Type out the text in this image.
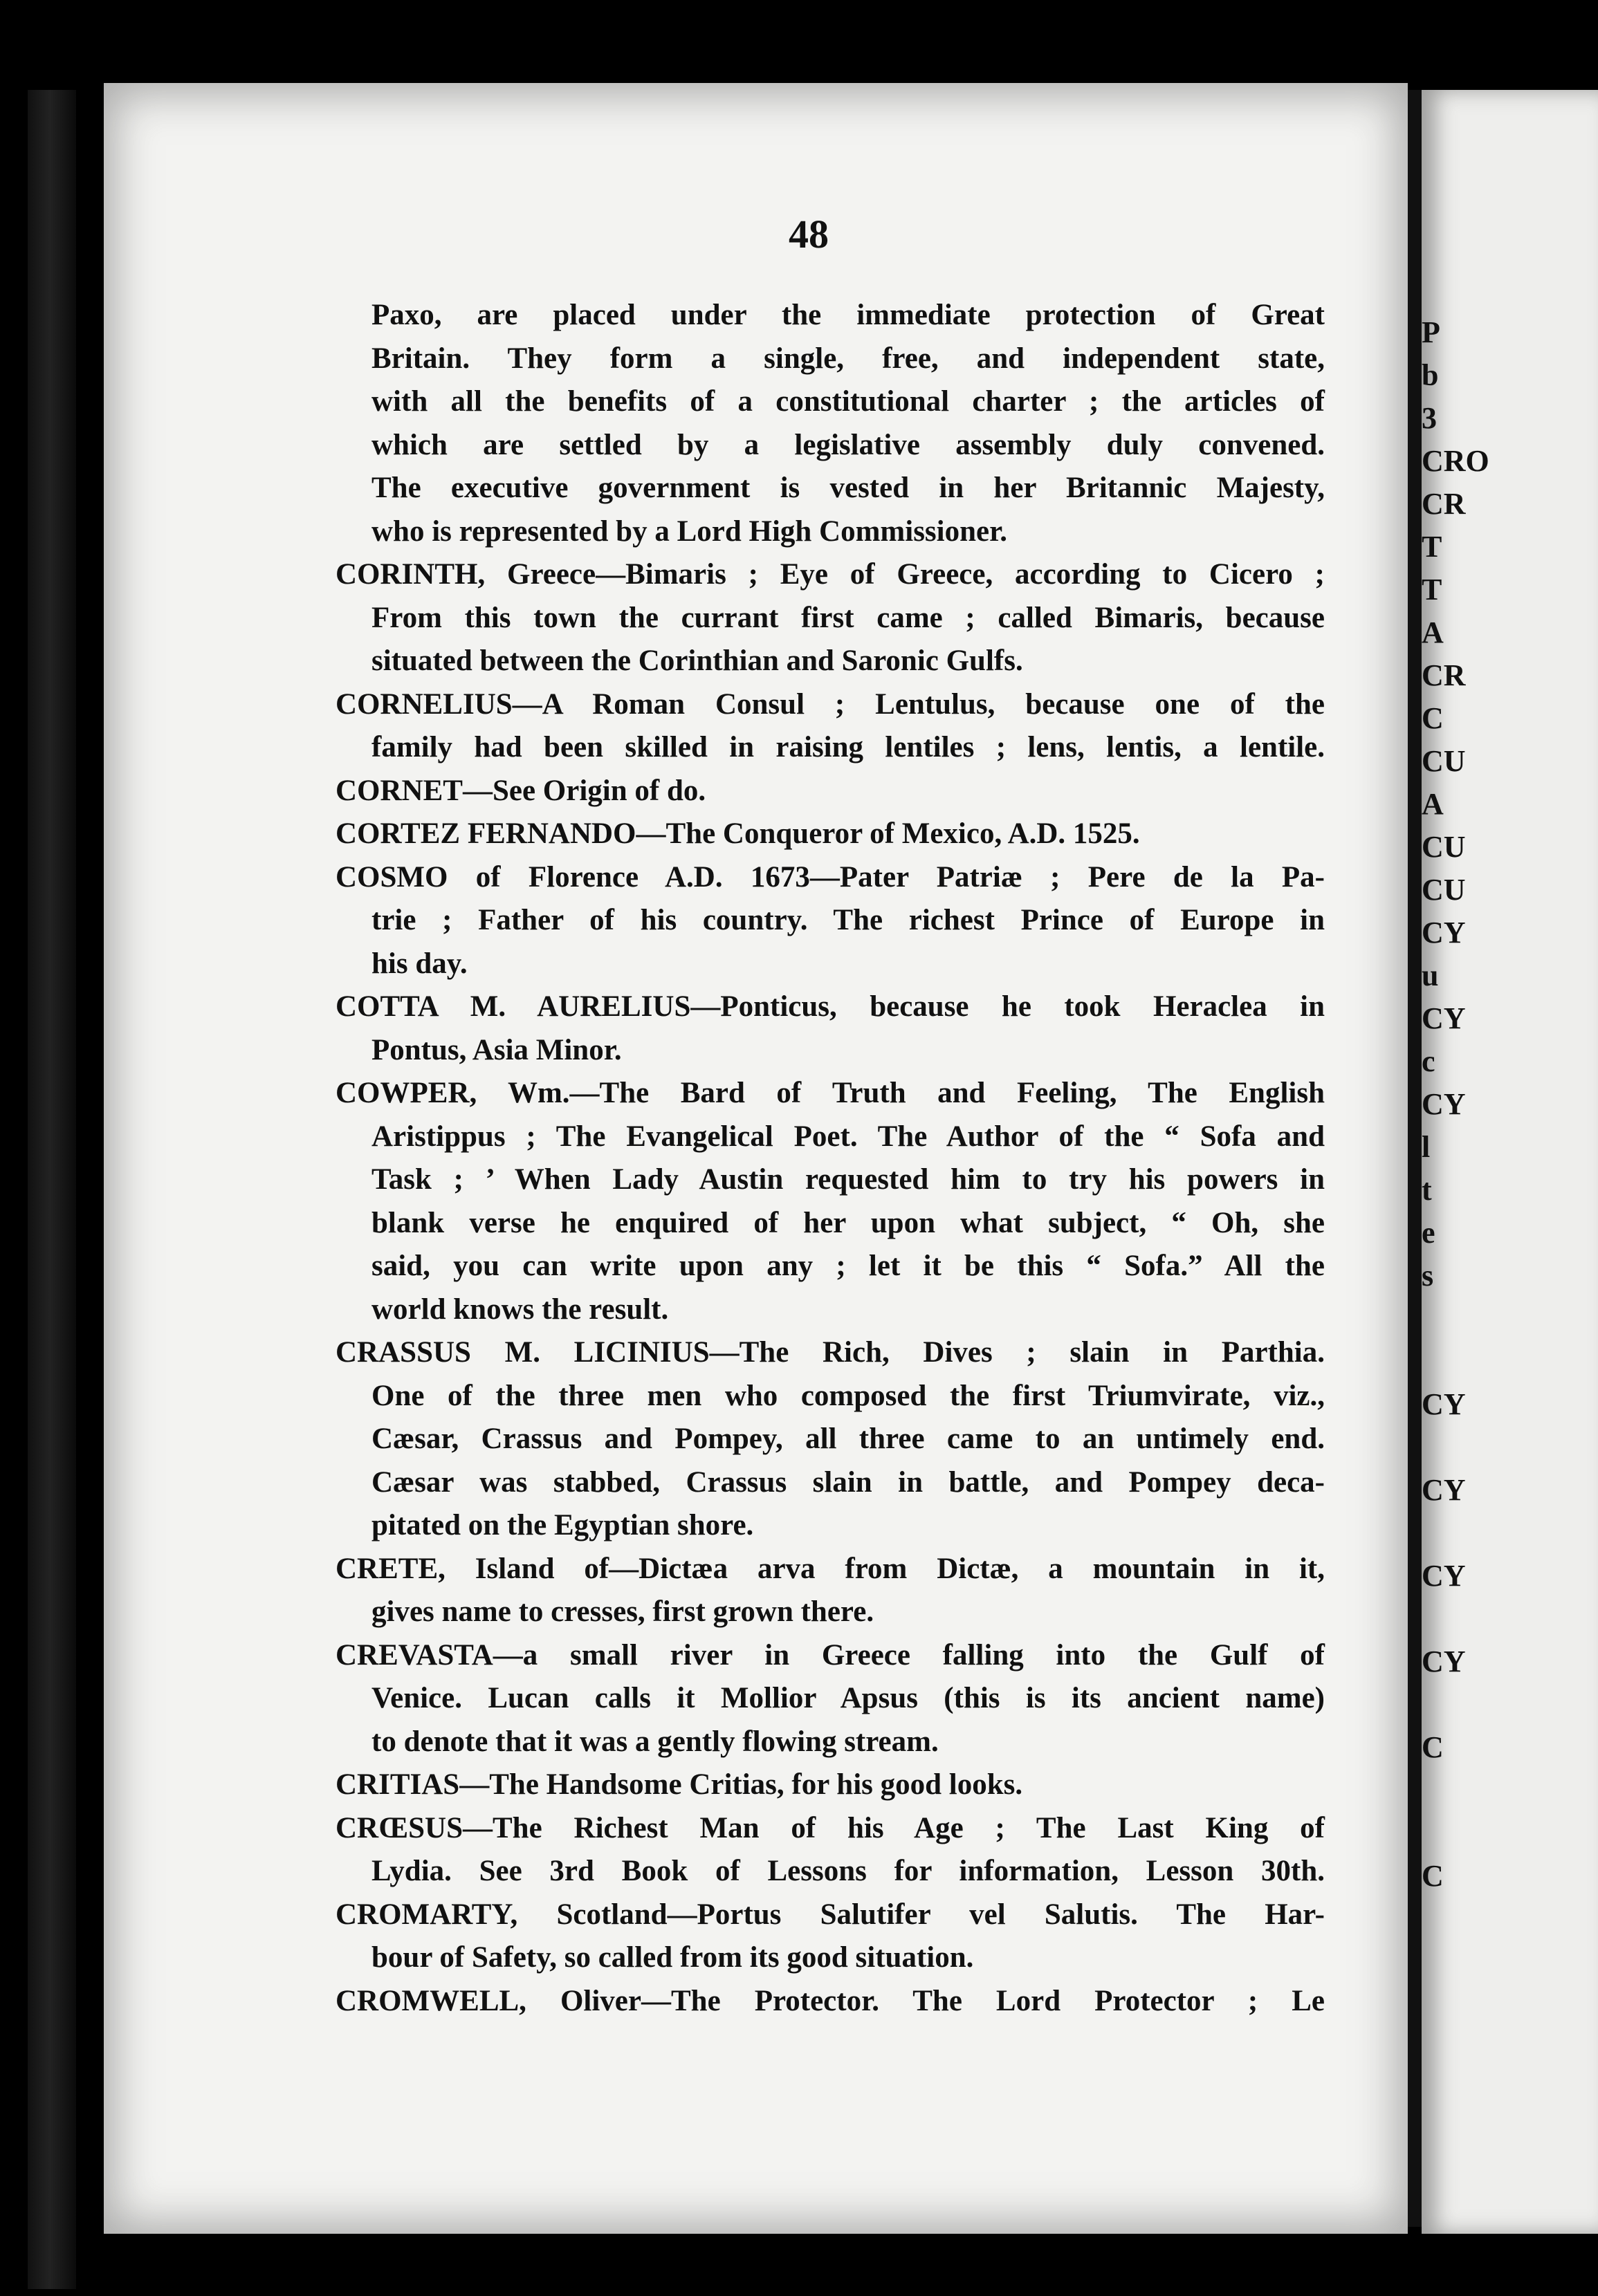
P
b
3
CRO
CR
T
T
A
CR
C
CU
A
CU
CU
CY
u
CY
c
CY
l
t
e
s

CY

CY

CY

CY

C

C
48
Paxo, are placed under the immediate protection of Great
Britain. They form a single, free, and independent state,
with all the benefits of a constitutional charter ; the articles of
which are settled by a legislative assembly duly convened.
The executive government is vested in her Britannic Majesty,
who is represented by a Lord High Commissioner.
CORINTH, Greece—Bimaris ; Eye of Greece, according to Cicero ;
From this town the currant first came ; called Bimaris, because
situated between the Corinthian and Saronic Gulfs.
CORNELIUS—A Roman Consul ; Lentulus, because one of the
family had been skilled in raising lentiles ; lens, lentis, a lentile.
CORNET—See Origin of do.
CORTEZ FERNANDO—The Conqueror of Mexico, A.D. 1525.
COSMO of Florence A.D. 1673—Pater Patriæ ; Pere de la Pa-
trie ; Father of his country. The richest Prince of Europe in
his day.
COTTA M. AURELIUS—Ponticus, because he took Heraclea in
Pontus, Asia Minor.
COWPER, Wm.—The Bard of Truth and Feeling, The English
Aristippus ; The Evangelical Poet. The Author of the “ Sofa and
Task ; ’ When Lady Austin requested him to try his powers in
blank verse he enquired of her upon what subject, “ Oh, she
said, you can write upon any ; let it be this “ Sofa.” All the
world knows the result.
CRASSUS M. LICINIUS—The Rich, Dives ; slain in Parthia.
One of the three men who composed the first Triumvirate, viz.,
Cæsar, Crassus and Pompey, all three came to an untimely end.
Cæsar was stabbed, Crassus slain in battle, and Pompey deca-
pitated on the Egyptian shore.
CRETE, Island of—Dictæa arva from Dictæ, a mountain in it,
gives name to cresses, first grown there.
CREVASTA—a small river in Greece falling into the Gulf of
Venice. Lucan calls it Mollior Apsus (this is its ancient name)
to denote that it was a gently flowing stream.
CRITIAS—The Handsome Critias, for his good looks.
CRŒSUS—The Richest Man of his Age ; The Last King of
Lydia. See 3rd Book of Lessons for information, Lesson 30th.
CROMARTY, Scotland—Portus Salutifer vel Salutis. The Har-
bour of Safety, so called from its good situation.
CROMWELL, Oliver—The Protector. The Lord Protector ; Le
